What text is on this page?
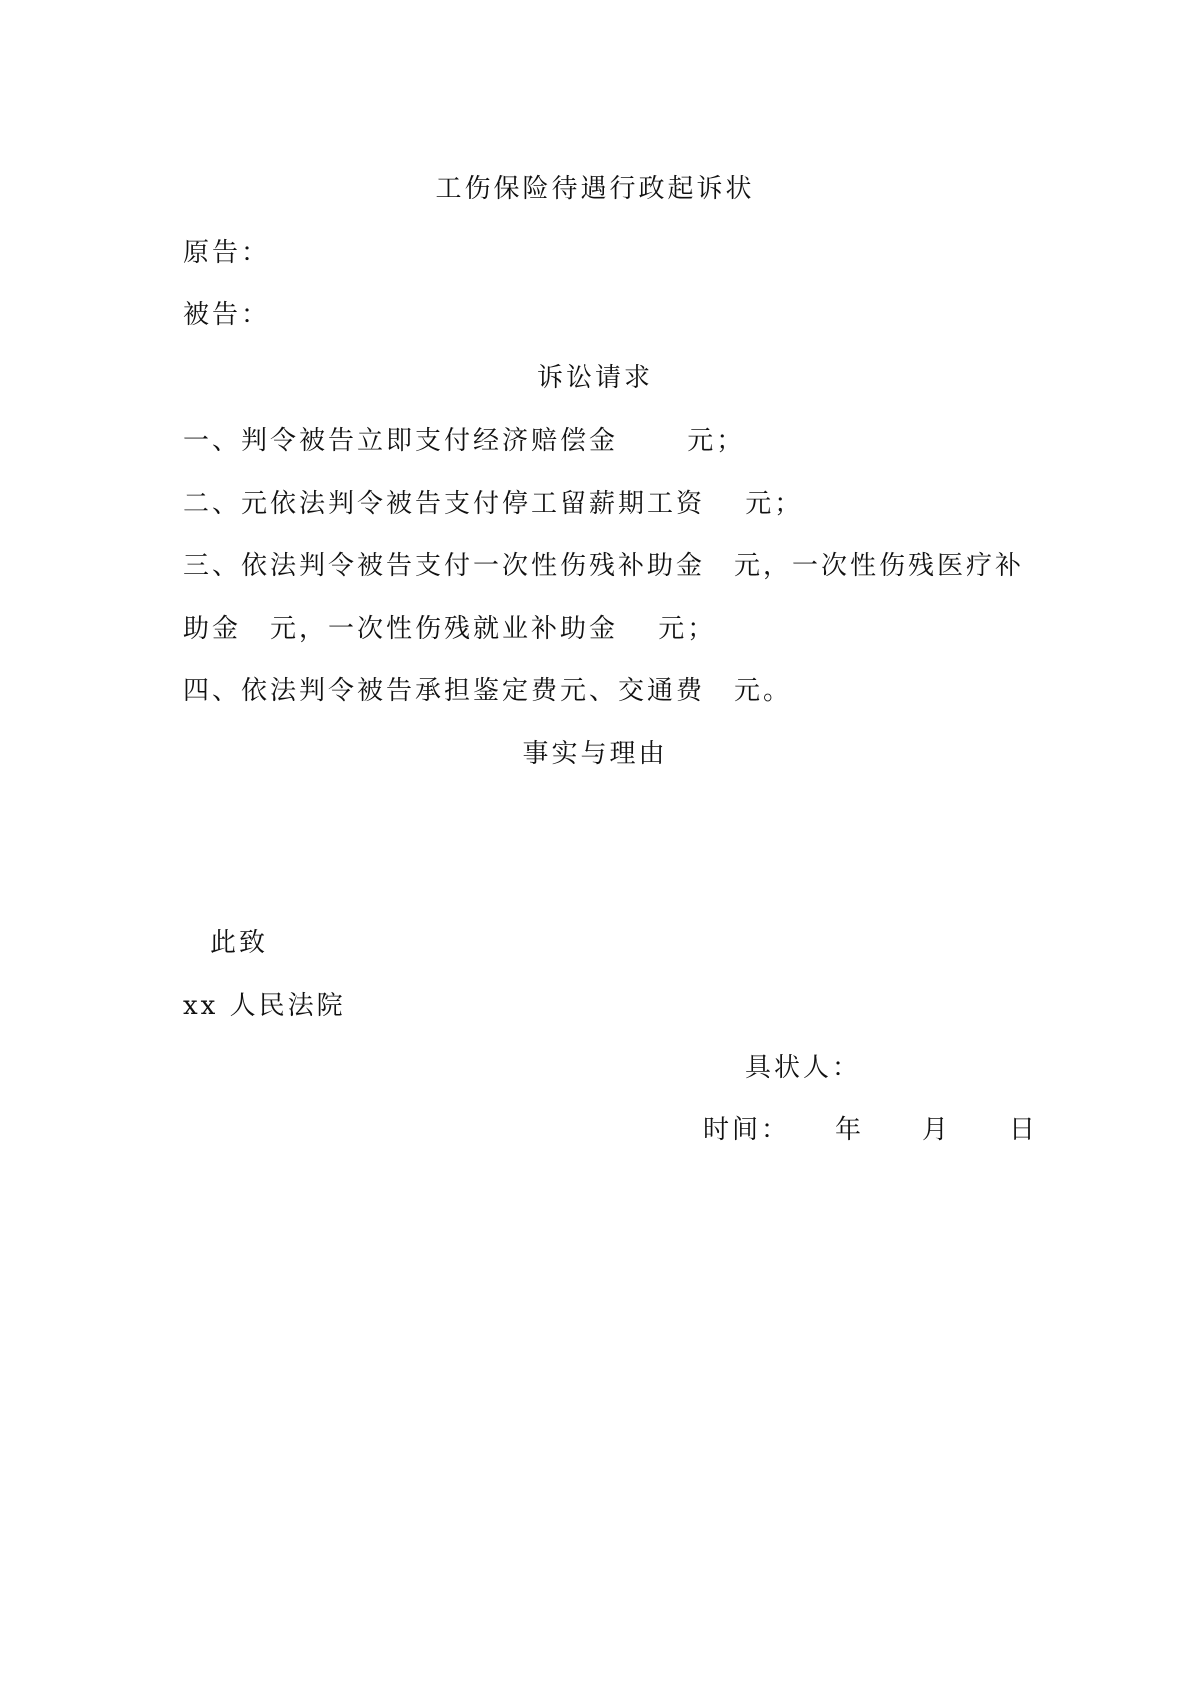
工伤保险待遇行政起诉状
原告：
被告：
诉讼请求
一、判令被告立即支付经济赔偿金　　 元；
二、元依法判令被告支付停工留薪期工资　 元；
三、依法判令被告支付一次性伤残补助金　元，一次性伤残医疗补
助金　元，一次性伤残就业补助金　 元；
四、依法判令被告承担鉴定费元、交通费　元。
事实与理由
此致
xx 人民法院
具状人：
时间：　　年　　月　　日
